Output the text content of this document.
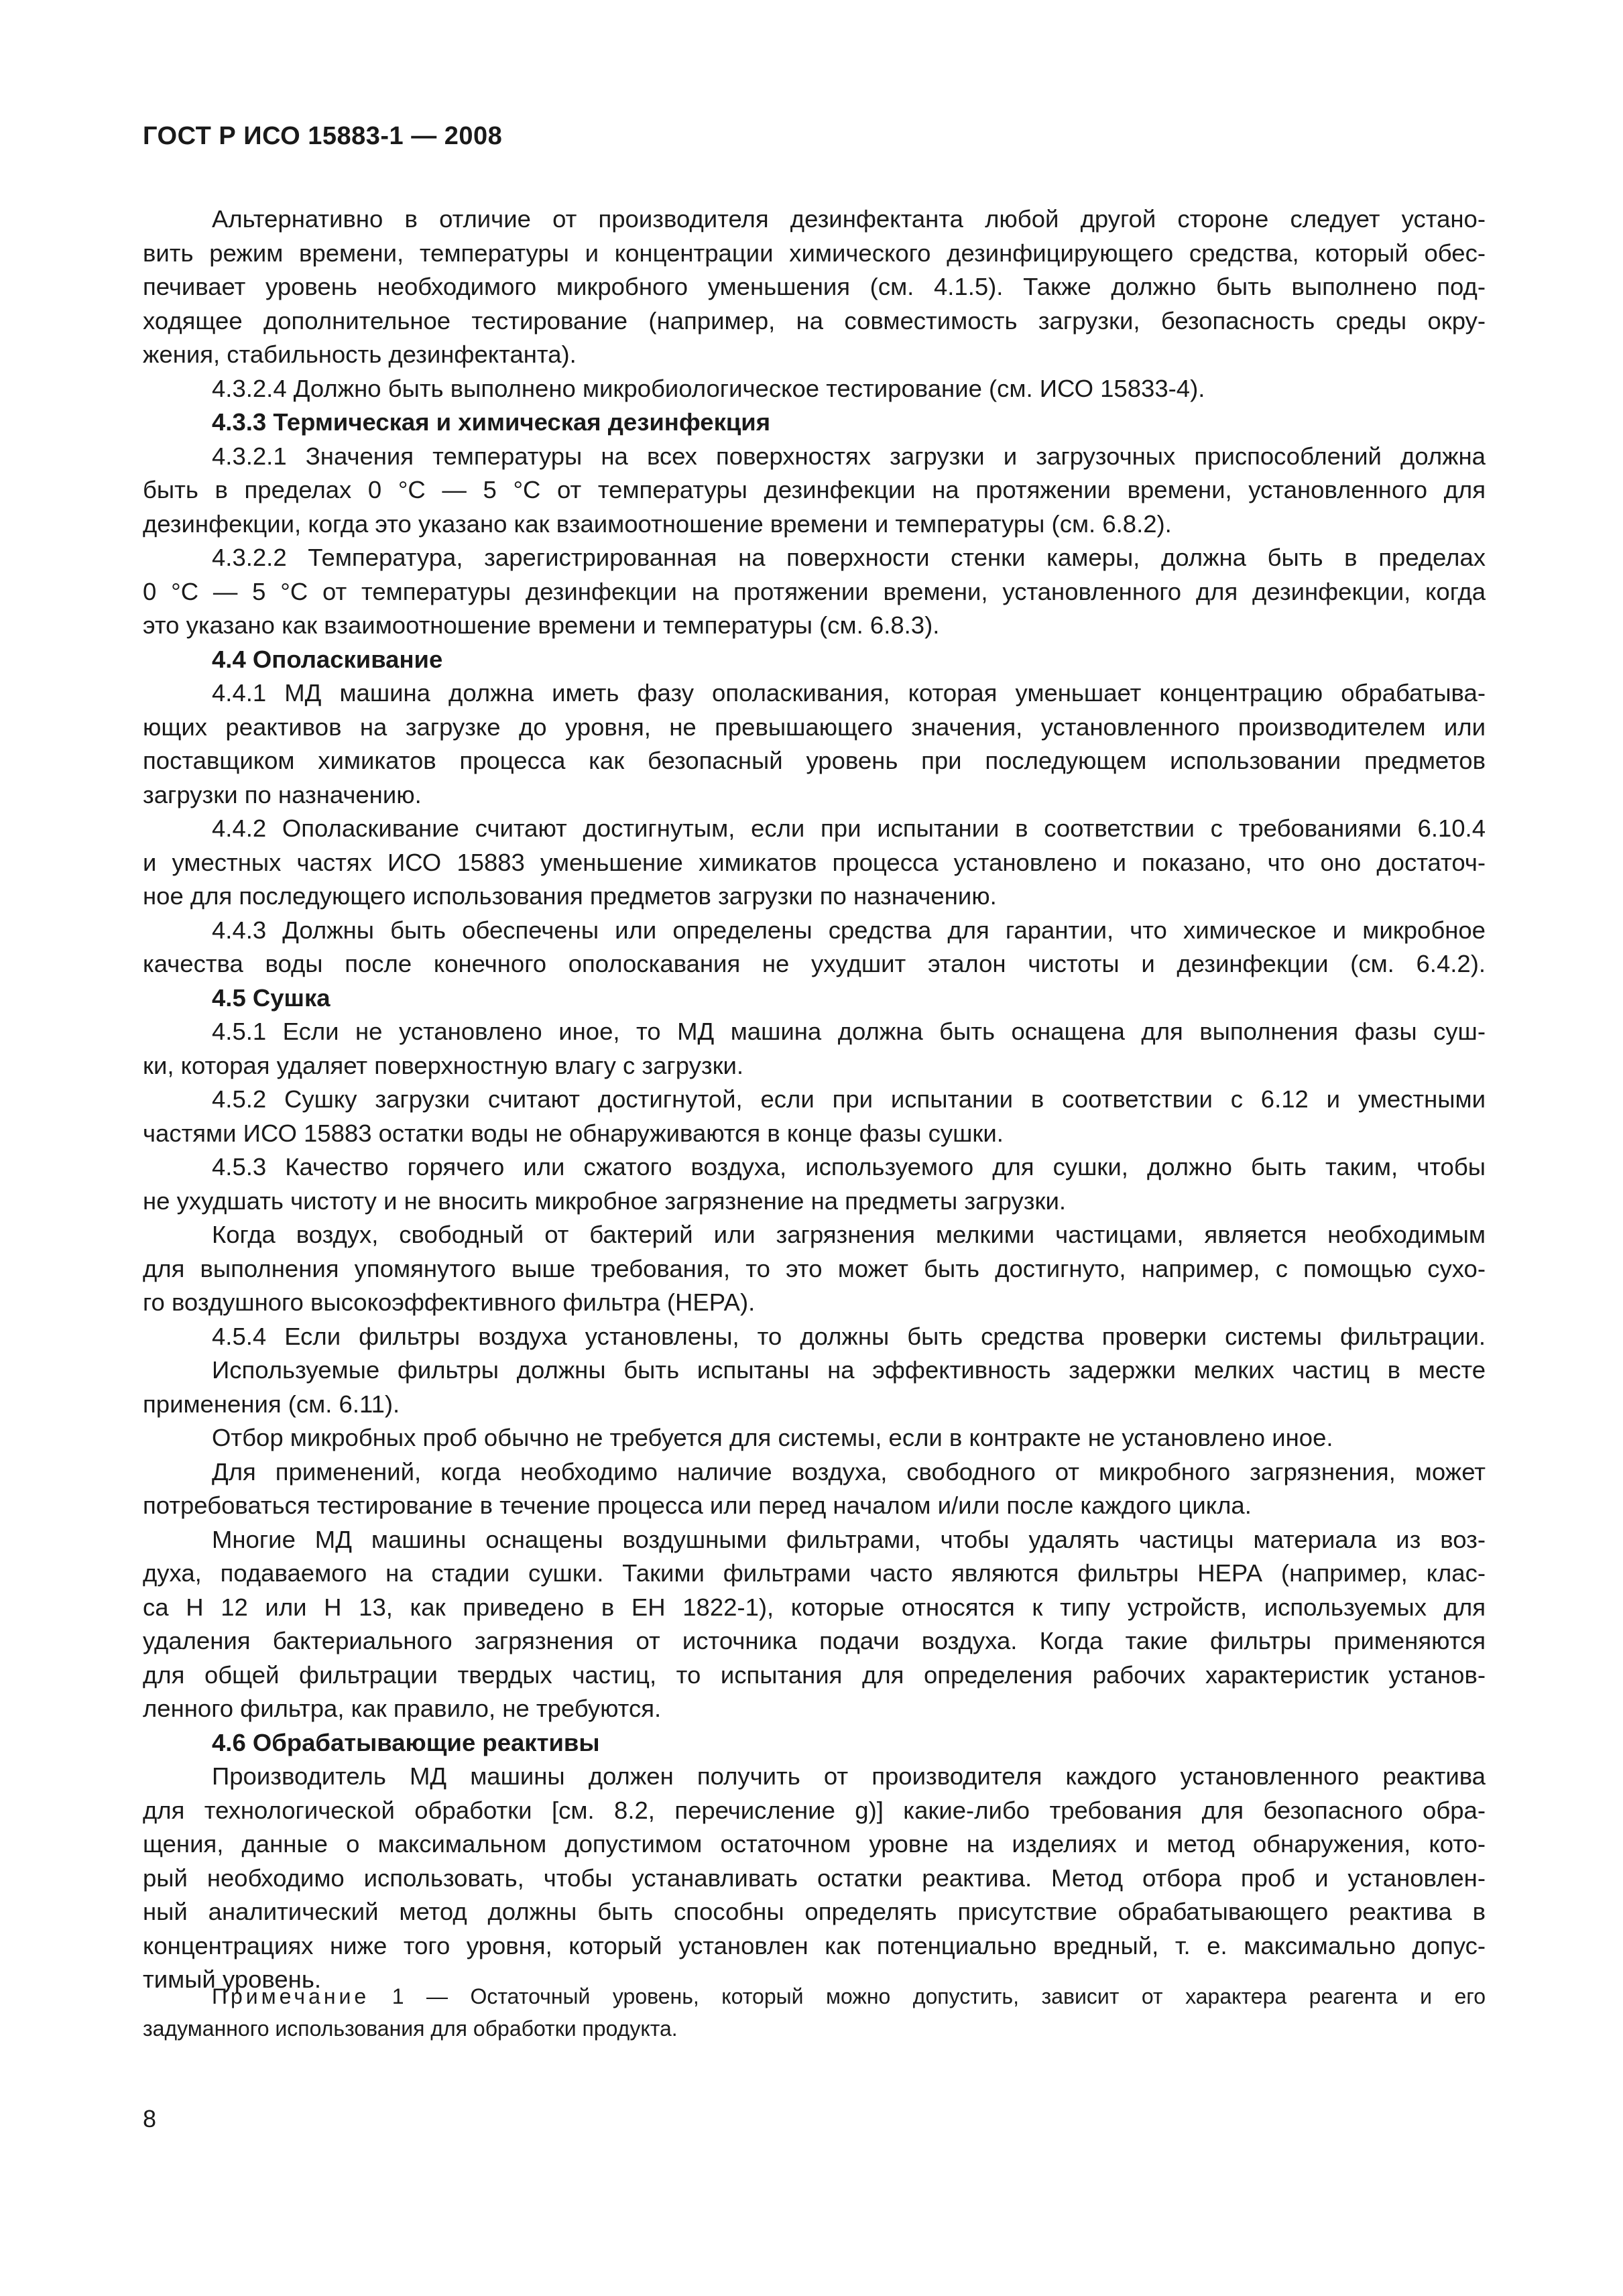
ГОСТ Р ИСО 15883-1 — 2008
Альтернативно в отличие от производителя дезинфектанта любой другой стороне следует устано-
вить режим времени, температуры и концентрации химического дезинфицирующего средства, который обес-
печивает уровень необходимого микробного уменьшения (см. 4.1.5). Также должно быть выполнено под-
ходящее дополнительное тестирование (например, на совместимость загрузки, безопасность среды окру-
жения, стабильность дезинфектанта).
4.3.2.4 Должно быть выполнено микробиологическое тестирование (см. ИСО 15833-4).
4.3.3 Термическая и химическая дезинфекция
4.3.2.1 Значения температуры на всех поверхностях загрузки и загрузочных приспособлений должна
быть в пределах 0 °С — 5 °С от температуры дезинфекции на протяжении времени, установленного для
дезинфекции, когда это указано как взаимоотношение времени и температуры (см. 6.8.2).
4.3.2.2 Температура, зарегистрированная на поверхности стенки камеры, должна быть в пределах
0 °С — 5 °С от температуры дезинфекции на протяжении времени, установленного для дезинфекции, когда
это указано как взаимоотношение времени и температуры (см. 6.8.3).
4.4 Ополаскивание
4.4.1 МД машина должна иметь фазу ополаскивания, которая уменьшает концентрацию обрабатыва-
ющих реактивов на загрузке до уровня, не превышающего значения, установленного производителем или
поставщиком химикатов процесса как безопасный уровень при последующем использовании предметов
загрузки по назначению.
4.4.2 Ополаскивание считают достигнутым, если при испытании в соответствии с требованиями 6.10.4
и уместных частях ИСО 15883 уменьшение химикатов процесса установлено и показано, что оно достаточ-
ное для последующего использования предметов загрузки по назначению.
4.4.3 Должны быть обеспечены или определены средства для гарантии, что химическое и микробное
качества воды после конечного ополоскавания не ухудшит эталон чистоты и дезинфекции (см. 6.4.2).
4.5 Сушка
4.5.1 Если не установлено иное, то МД машина должна быть оснащена для выполнения фазы суш-
ки, которая удаляет поверхностную влагу с загрузки.
4.5.2 Сушку загрузки считают достигнутой, если при испытании в соответствии с 6.12 и уместными
частями ИСО 15883 остатки воды не обнаруживаются в конце фазы сушки.
4.5.3 Качество горячего или сжатого воздуха, используемого для сушки, должно быть таким, чтобы
не ухудшать чистоту и не вносить микробное загрязнение на предметы загрузки.
Когда воздух, свободный от бактерий или загрязнения мелкими частицами, является необходимым
для выполнения упомянутого выше требования, то это может быть достигнуто, например, с помощью сухо-
го воздушного высокоэффективного фильтра (НЕРА).
4.5.4 Если фильтры воздуха установлены, то должны быть средства проверки системы фильтрации.
Используемые фильтры должны быть испытаны на эффективность задержки мелких частиц в месте
применения (см. 6.11).
Отбор микробных проб обычно не требуется для системы, если в контракте не установлено иное.
Для применений, когда необходимо наличие воздуха, свободного от микробного загрязнения, может
потребоваться тестирование в течение процесса или перед началом и/или после каждого цикла.
Многие МД машины оснащены воздушными фильтрами, чтобы удалять частицы материала из воз-
духа, подаваемого на стадии сушки. Такими фильтрами часто являются фильтры НЕРА (например, клас-
са Н 12 или Н 13, как приведено в ЕН 1822-1), которые относятся к типу устройств, используемых для
удаления бактериального загрязнения от источника подачи воздуха. Когда такие фильтры применяются
для общей фильтрации твердых частиц, то испытания для определения рабочих характеристик установ-
ленного фильтра, как правило, не требуются.
4.6 Обрабатывающие реактивы
Производитель МД машины должен получить от производителя каждого установленного реактива
для технологической обработки [см. 8.2, перечисление g)] какие-либо требования для безопасного обра-
щения, данные о максимальном допустимом остаточном уровне на изделиях и метод обнаружения, кото-
рый необходимо использовать, чтобы устанавливать остатки реактива. Метод отбора проб и установлен-
ный аналитический метод должны быть способны определять присутствие обрабатывающего реактива в
концентрациях ниже того уровня, который установлен как потенциально вредный, т. е. максимально допус-
тимый уровень.
Примечание 1 — Остаточный уровень, который можно допустить, зависит от характера реагента и его
задуманного использования для обработки продукта.
8
